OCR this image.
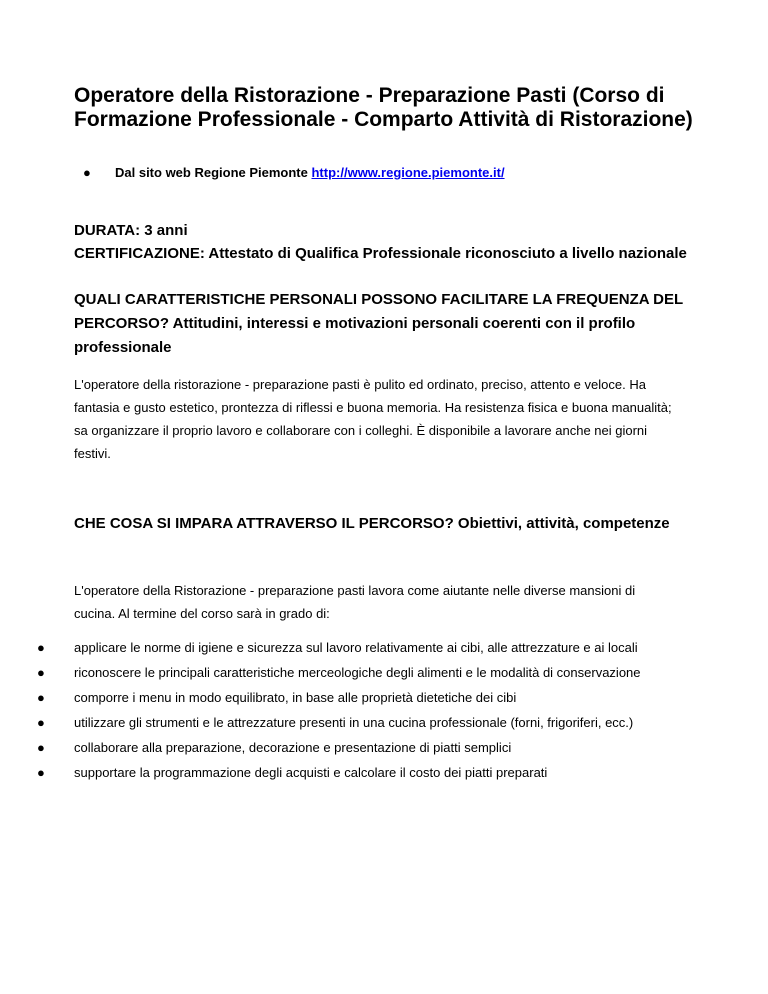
Operatore della Ristorazione - Preparazione Pasti (Corso di Formazione Professionale - Comparto Attività di Ristorazione)
● Dal sito web Regione Piemonte http://www.regione.piemonte.it/

DURATA: 3 anni

CERTIFICAZIONE: Attestato di Qualifica Professionale riconosciuto a livello nazionale

QUALI CARATTERISTICHE PERSONALI POSSONO FACILITARE LA FREQUENZA DEL PERCORSO? Attitudini, interessi e motivazioni personali coerenti con il profilo professionale

L'operatore della ristorazione - preparazione pasti è pulito ed ordinato, preciso, attento e veloce. Ha fantasia e gusto estetico, prontezza di riflessi e buona memoria. Ha resistenza fisica e buona manualità; sa organizzare il proprio lavoro e collaborare con i colleghi. È disponibile a lavorare anche nei giorni festivi.

CHE COSA SI IMPARA ATTRAVERSO IL PERCORSO? Obiettivi, attività, competenze

L'operatore della Ristorazione - preparazione pasti lavora come aiutante nelle diverse mansioni di cucina. Al termine del corso sarà in grado di:

● applicare le norme di igiene e sicurezza sul lavoro relativamente ai cibi, alle attrezzature e ai locali
● riconoscere le principali caratteristiche merceologiche degli alimenti e le modalità di conservazione
● comporre i menu in modo equilibrato, in base alle proprietà dietetiche dei cibi
● utilizzare gli strumenti e le attrezzature presenti in una cucina professionale (forni, frigoriferi, ecc.)
● collaborare alla preparazione, decorazione e presentazione di piatti semplici
● supportare la programmazione degli acquisti e calcolare il costo dei piatti preparati
